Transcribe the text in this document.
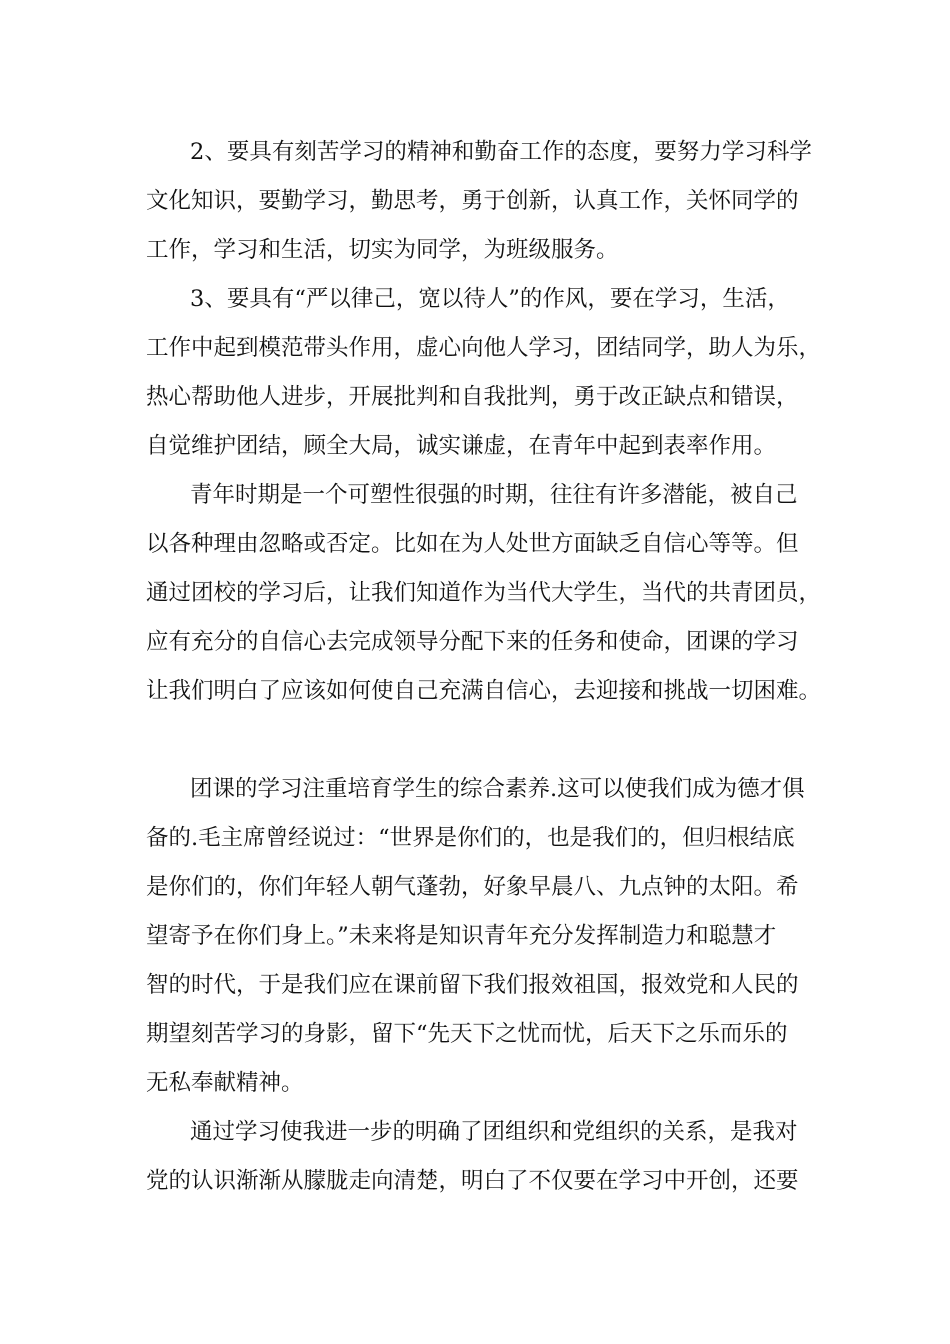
2、要具有刻苦学习的精神和勤奋工作的态度，要努力学习科学
文化知识，要勤学习，勤思考，勇于创新，认真工作，关怀同学的
工作，学习和生活，切实为同学，为班级服务。
3、要具有“严以律己，宽以待人”的作风，要在学习，生活，
工作中起到模范带头作用，虚心向他人学习，团结同学，助人为乐，
热心帮助他人进步，开展批判和自我批判，勇于改正缺点和错误，
自觉维护团结，顾全大局，诚实谦虚，在青年中起到表率作用。
青年时期是一个可塑性很强的时期，往往有许多潜能，被自己
以各种理由忽略或否定。比如在为人处世方面缺乏自信心等等。但
通过团校的学习后，让我们知道作为当代大学生，当代的共青团员，
应有充分的自信心去完成领导分配下来的任务和使命，团课的学习
让我们明白了应该如何使自己充满自信心，去迎接和挑战一切困难。
团课的学习注重培育学生的综合素养.这可以使我们成为德才俱
备的.毛主席曾经说过：“世界是你们的，也是我们的，但归根结底
是你们的，你们年轻人朝气蓬勃，好象早晨八、九点钟的太阳。希
望寄予在你们身上。”未来将是知识青年充分发挥制造力和聪慧才
智的时代，于是我们应在课前留下我们报效祖国，报效党和人民的
期望刻苦学习的身影，留下“先天下之忧而忧，后天下之乐而乐的
无私奉献精神。
通过学习使我进一步的明确了团组织和党组织的关系，是我对
党的认识渐渐从朦胧走向清楚，明白了不仅要在学习中开创，还要
